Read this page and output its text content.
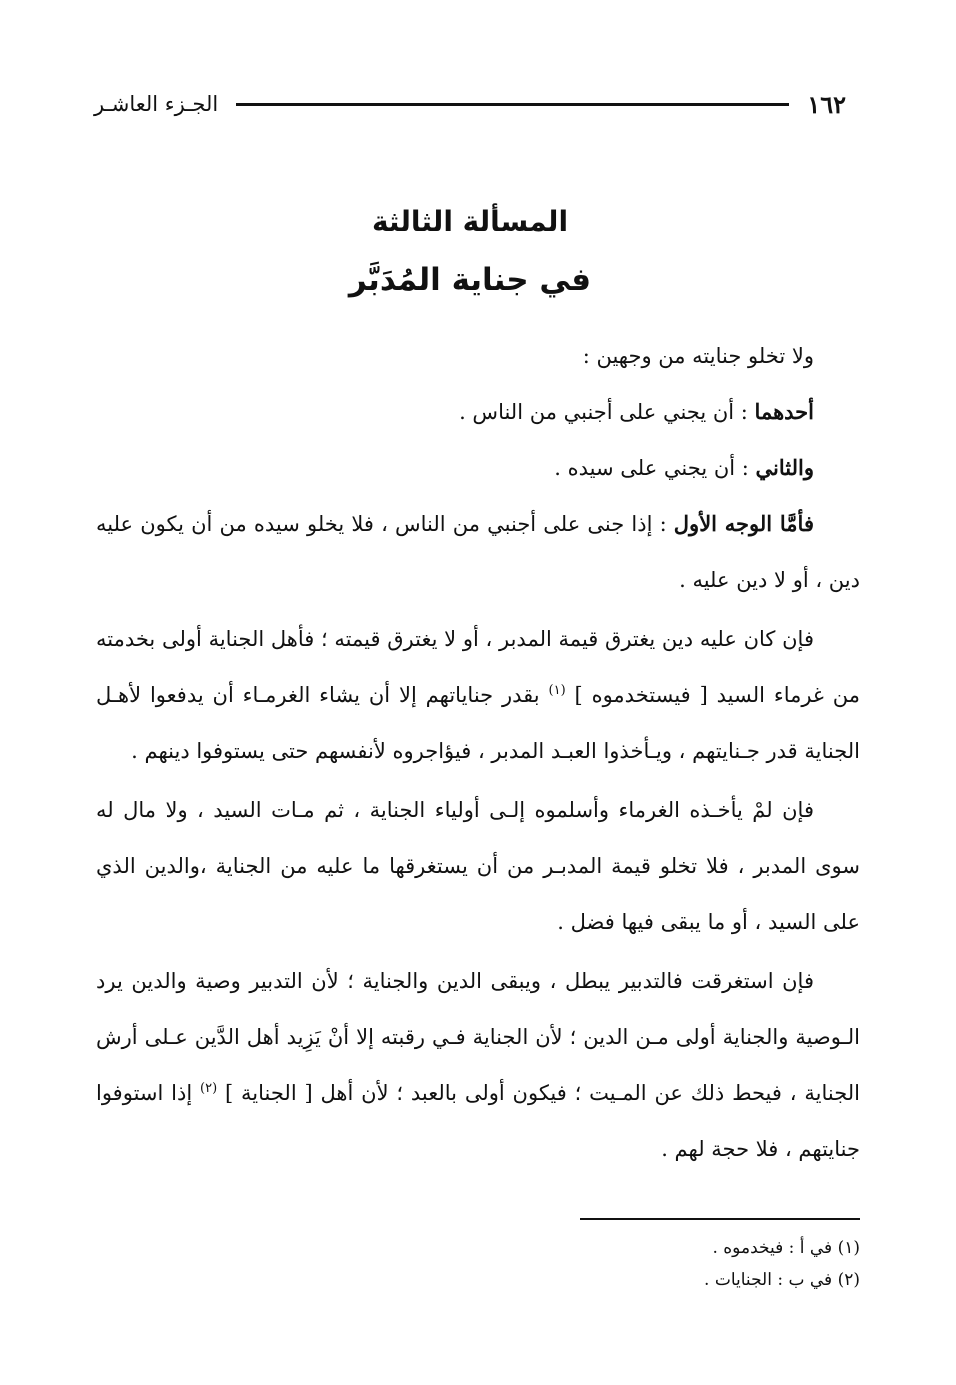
١٦٢
الجـزء العاشـر
المسألة الثالثة
في جناية المُدَبَّر

ولا تخلو جنايته من وجهين :

أحدهما : أن يجني على أجنبي من الناس .

والثاني : أن يجني على سيده .

فأمَّا الوجه الأول : إذا جنى على أجنبي من الناس ، فلا يخلو سيده من أن يكون عليه دين ، أو لا دين عليه .

فإن كان عليه دين يغترق قيمة المدبر ، أو لا يغترق قيمته ؛ فأهل الجناية أولى بخدمته من غرماء السيد [ فيستخدموه ] $^{(١)}$ بقدر جناياتهم إلا أن يشاء الغرمـاء أن يدفعوا لأهـل الجناية قدر جـنايتهم ، ويـأخذوا العبـد المدبر ، فيؤاجروه لأنفسهم حتى يستوفوا دينهم .

فإن لمْ يأخـذه الغرماء وأسلموه إلـى أولياء الجناية ، ثم مـات السيد ، ولا مال له سوى المدبر ، فلا تخلو قيمة المدبـر من أن يستغرقها ما عليه من الجناية ،والدين الذي على السيد ، أو ما يبقى فيها فضل .

فإن استغرقت فالتدبير يبطل ، ويبقى الدين والجناية ؛ لأن التدبير وصية والدين يرد الـوصية والجناية أولى مـن الدين ؛ لأن الجناية فـي رقبته إلا أنْ يَزِيد أهل الدَّين عـلى أرش الجناية ، فيحط ذلك عن المـيت ؛ فيكون أولى بالعبد ؛ لأن أهل [ الجناية ] $^{(٢)}$ إذا استوفوا جنايتهم ، فلا حجة لهم .

(١) في أ : فيخدموه .

(٢) في ب : الجنايات .
